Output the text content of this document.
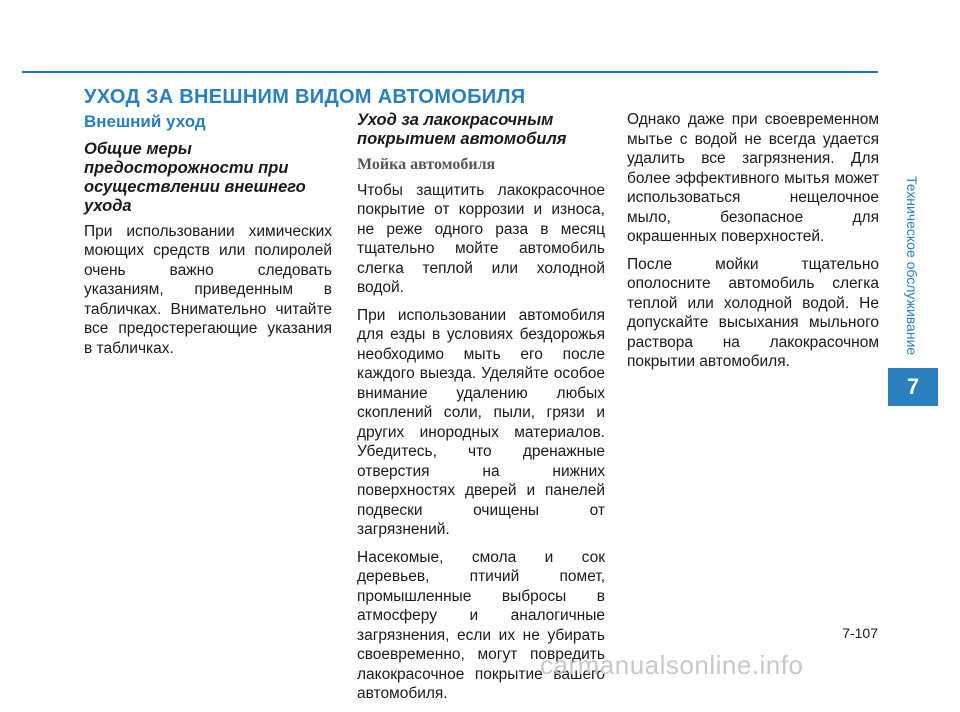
УХОД ЗА ВНЕШНИМ ВИДОМ АВТОМОБИЛЯ
Внешний уход
Общие меры предосторожности при осуществлении внешнего ухода

При использовании химических моющих средств или полиролей очень важно следовать указаниям, приведенным в табличках. Внимательно читайте все предостерегающие указания в табличках.

Уход за лакокрасочным покрытием автомобиля
Мойка автомобиля

Чтобы защитить лакокрасочное покрытие от коррозии и износа, не реже одного раза в месяц тщательно мойте автомобиль слегка теплой или холодной водой.

При использовании автомобиля для езды в условиях бездорожья необходимо мыть его после каждого выезда. Уделяйте особое внимание удалению любых скоплений соли, пыли, грязи и других инородных материалов. Убедитесь, что дренажные отверстия на нижних поверхностях дверей и панелей подвески очищены от загрязнений.

Насекомые, смола и сок деревьев, птичий помет, промышленные выбросы в атмосферу и аналогичные загрязнения, если их не убирать своевременно, могут повредить лакокрасочное покрытие вашего автомобиля.

Однако даже при своевременном мытье с водой не всегда удается удалить все загрязнения. Для более эффективного мытья может использоваться нещелочное мыло, безопасное для окрашенных поверхностей.

После мойки тщательно ополосните автомобиль слегка теплой или холодной водой. Не допускайте высыхания мыльного раствора на лакокрасочном покрытии автомобиля.

Техническое обслуживание
7
7-107
carmanualsonline.info
